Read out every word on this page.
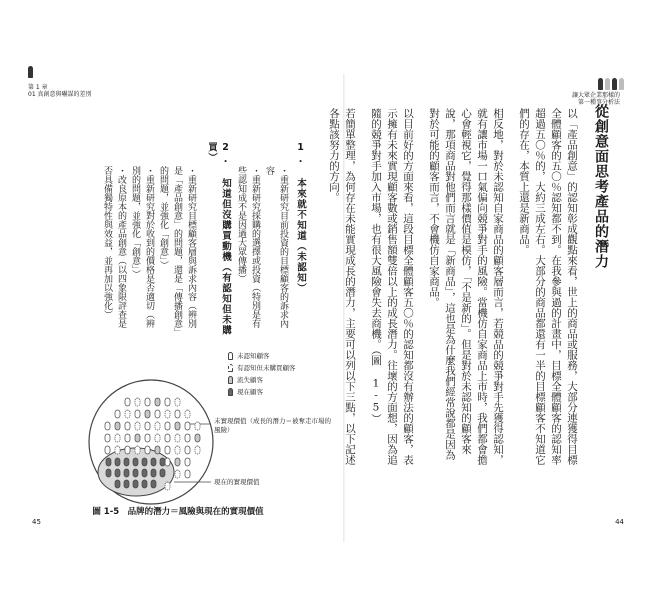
第 1 章
01 真創意與嚇謀的差別	讓大眾企業那樣的
第一種事分析法
從創意面思考產品的潛力

以「產品創意」的認知彰成觀點來看，世上的商品或服務，大部分連獲得目標全體顧客的五〇％認知都不到。在我參與過的計畫中，目標全體顧客的認知率超過五〇％的，大約三成左右。大部分的商品都還有一半的目標顧客不知道它們的存在，本質上還是新商品。

相反地，對於未認知自家商品的顧客層而言，若競品的競爭對手先獲得認知，就有讓市場一口氣偏向競爭對手的風險。當機仿自家商品上市時，我們都會擔心會輕視它，覺得那樣價值是模仿，「不是新的」。但是對於未認知的顧客來說，那項商品對他們而言就是「新商品」，這也是為什麼我們經常說都是因為對於可能的顧客而言，不會機仿自家商品。

以目前好的方面來看，這段目標全體顧客五〇％的認知都沒有辦法的顧客，表示擁有未來實現顧客數或銷售額雙倍以上的成長潛力。往壞的方面想，因為追隨的競爭對手加入市場，也有很大風險會失去商機。（圖 1-5）

若簡單整理，為何存在未能實現成長的潛力，主要可以列以下三點，以下記述各點該努力的方向。

1. 本來就不知道（未認知）
・重新研究目前投資的目標顧客的訴求內容
・重新研究採購的選擇或投資（特別是有些認知成不是因過大眾傳播）
2. 知道但沒購買動機（有認知但未購買）
・重新研究目標顧客層與訴求內容（辨別是「產品創意」的問題，還是「傳播創意」的問題，並強化「創意」）
・重新研究對於收到的價格是否適切（辨別的問題，並強化「創意」）
・改良原本的產品創意（以四象限評查是否具備獨特性與效益，並再加以強化）
未認知顧客
有認知但未購買顧客
流失顧客
現在顧客
未實現價值（成長的潛力＝被奪走市場的風險）
現在的實現價值
圖 1-5　品牌的潛力＝風險與現在的實現價值
45	44
